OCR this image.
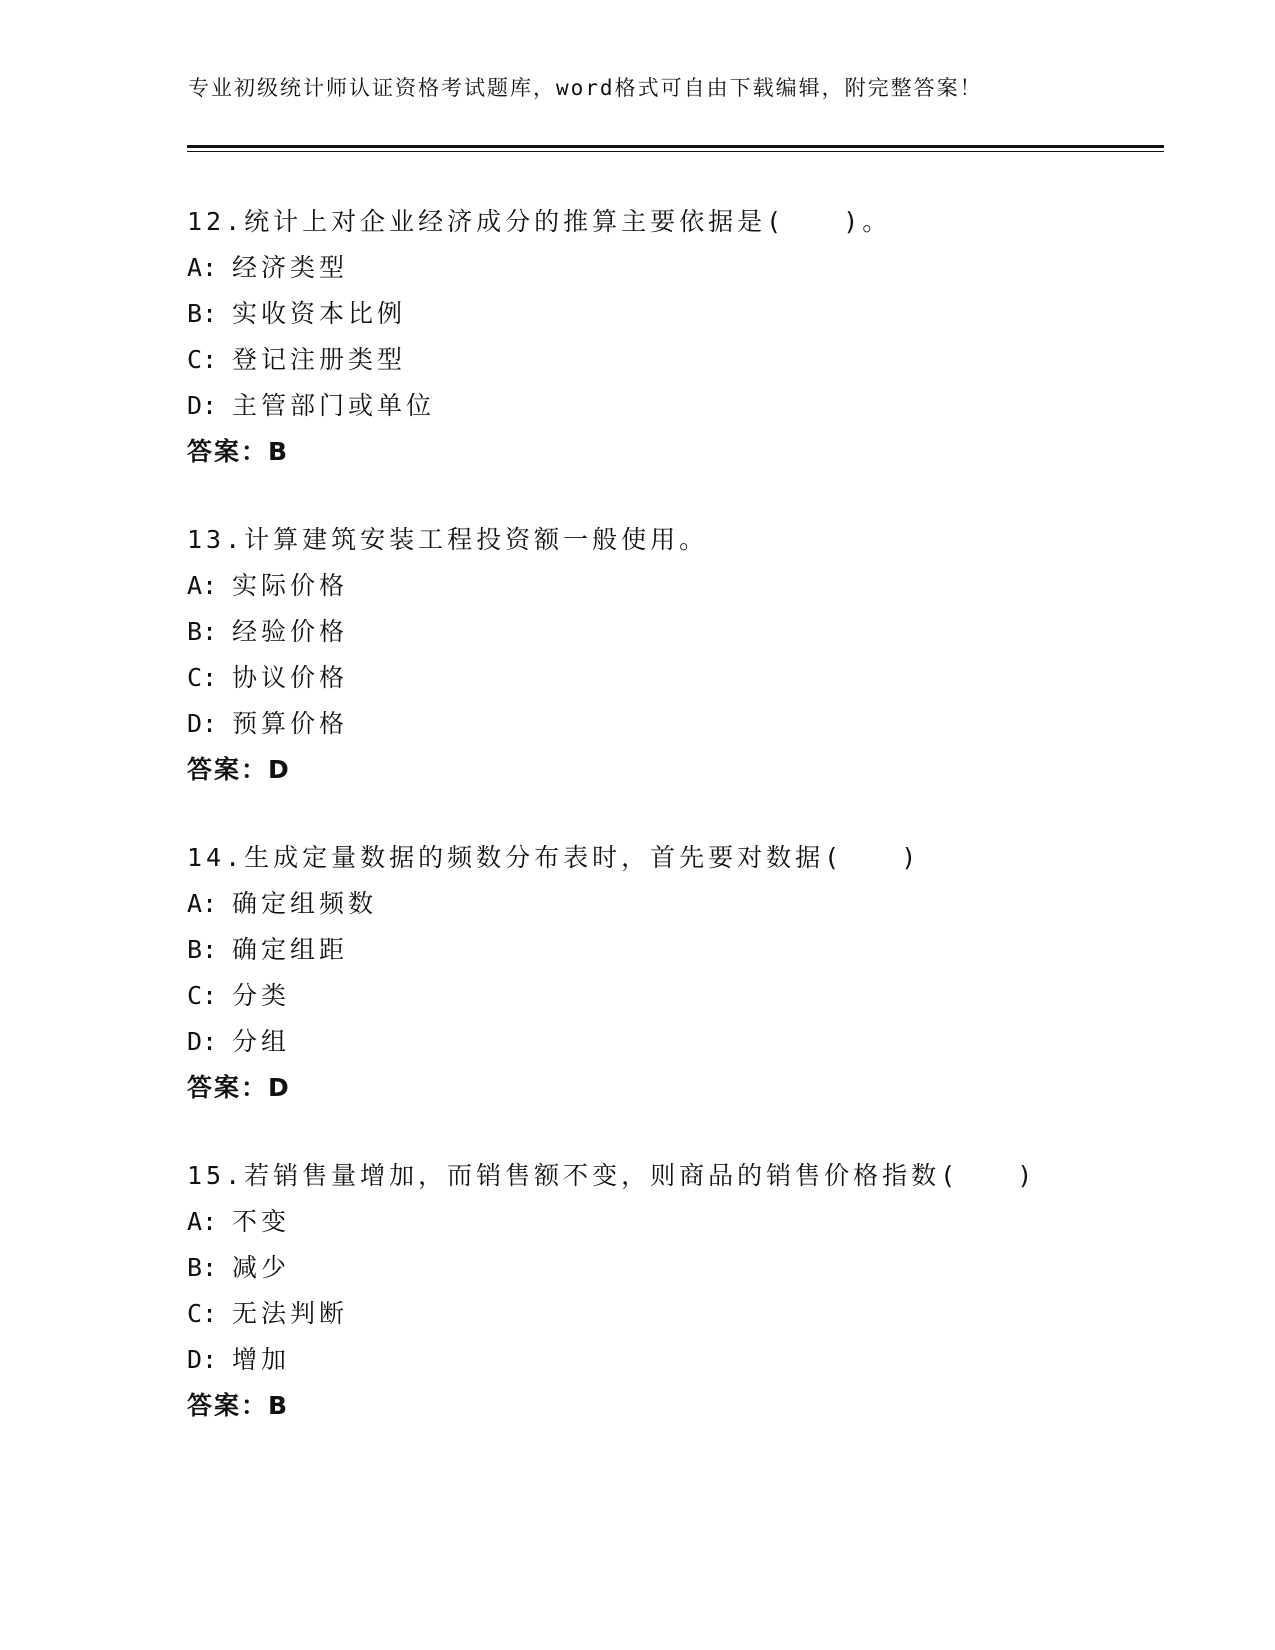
专业初级统计师认证资格考试题库，word格式可自由下载编辑，附完整答案！
12.统计上对企业经济成分的推算主要依据是(　　)。
A: 经济类型
B: 实收资本比例
C: 登记注册类型
D: 主管部门或单位
答案：B
13.计算建筑安装工程投资额一般使用。
A: 实际价格
B: 经验价格
C: 协议价格
D: 预算价格
答案：D
14.生成定量数据的频数分布表时，首先要对数据(　　)
A: 确定组频数
B: 确定组距
C: 分类
D: 分组
答案：D
15.若销售量增加，而销售额不变，则商品的销售价格指数(　　)
A: 不变
B: 减少
C: 无法判断
D: 增加
答案：B
